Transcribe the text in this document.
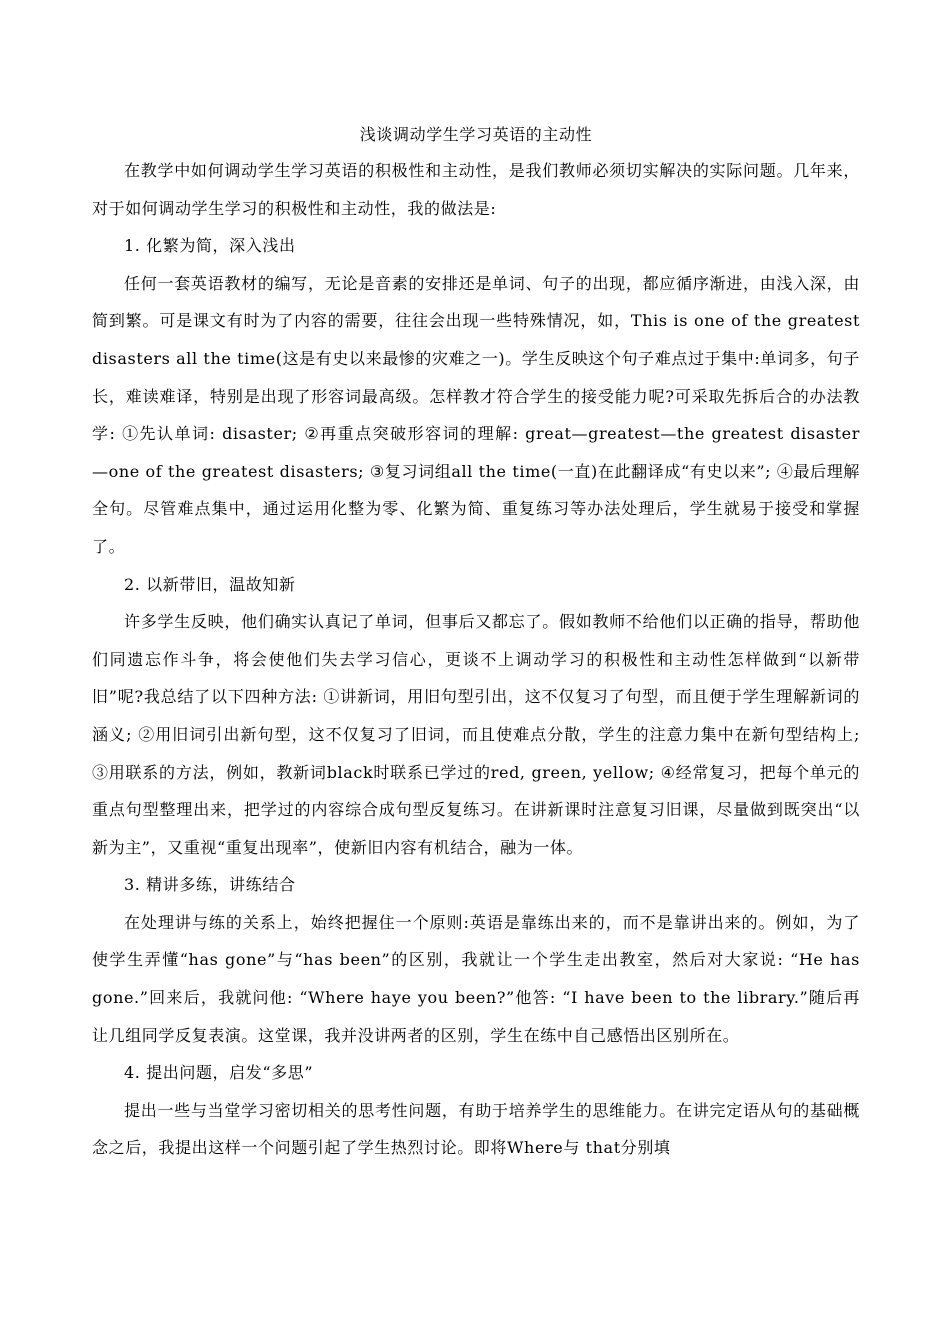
浅谈调动学生学习英语的主动性

在教学中如何调动学生学习英语的积极性和主动性，是我们教师必须切实解决的实际问题。几年来，对于如何调动学生学习的积极性和主动性，我的做法是:

1. 化繁为简，深入浅出

任何一套英语教材的编写，无论是音素的安排还是单词、句子的出现，都应循序渐进，由浅入深，由简到繁。可是课文有时为了内容的需要，往往会出现一些特殊情况，如，This is one of the greatest disasters all the time(这是有史以来最惨的灾难之一)。学生反映这个句子难点过于集中:单词多，句子长，难读难译，特别是出现了形容词最高级。怎样教才符合学生的接受能力呢?可采取先拆后合的办法教学: ①先认单词: disaster; ②再重点突破形容词的理解: great—greatest—the greatest disaster —one of the greatest disasters; ③复习词组all the time(一直)在此翻译成“有史以来”; ④最后理解全句。尽管难点集中，通过运用化整为零、化繁为简、重复练习等办法处理后，学生就易于接受和掌握了。

2. 以新带旧，温故知新

许多学生反映，他们确实认真记了单词，但事后又都忘了。假如教师不给他们以正确的指导，帮助他们同遗忘作斗争，将会使他们失去学习信心，更谈不上调动学习的积极性和主动性怎样做到“以新带旧”呢?我总结了以下四种方法: ①讲新词，用旧句型引出，这不仅复习了句型，而且便于学生理解新词的涵义; ②用旧词引出新句型，这不仅复习了旧词，而且使难点分散，学生的注意力集中在新句型结构上; ③用联系的方法，例如，教新词black时联系已学过的red, green, yellow; ④经常复习，把每个单元的重点句型整理出来，把学过的内容综合成句型反复练习。在讲新课时注意复习旧课，尽量做到既突出“以新为主”，又重视“重复出现率”，使新旧内容有机结合，融为一体。

3. 精讲多练，讲练结合

在处理讲与练的关系上，始终把握住一个原则:英语是靠练出来的，而不是靠讲出来的。例如，为了使学生弄懂“has gone”与“has been”的区别，我就让一个学生走出教室，然后对大家说: “He has gone.”回来后，我就问他: “Where haye you been?”他答: “I have been to the library.”随后再让几组同学反复表演。这堂课，我并没讲两者的区别，学生在练中自己感悟出区别所在。

4. 提出问题，启发“多思”

提出一些与当堂学习密切相关的思考性问题，有助于培养学生的思维能力。在讲完定语从句的基础概念之后，我提出这样一个问题引起了学生热烈讨论。即将Where与 that分别填
